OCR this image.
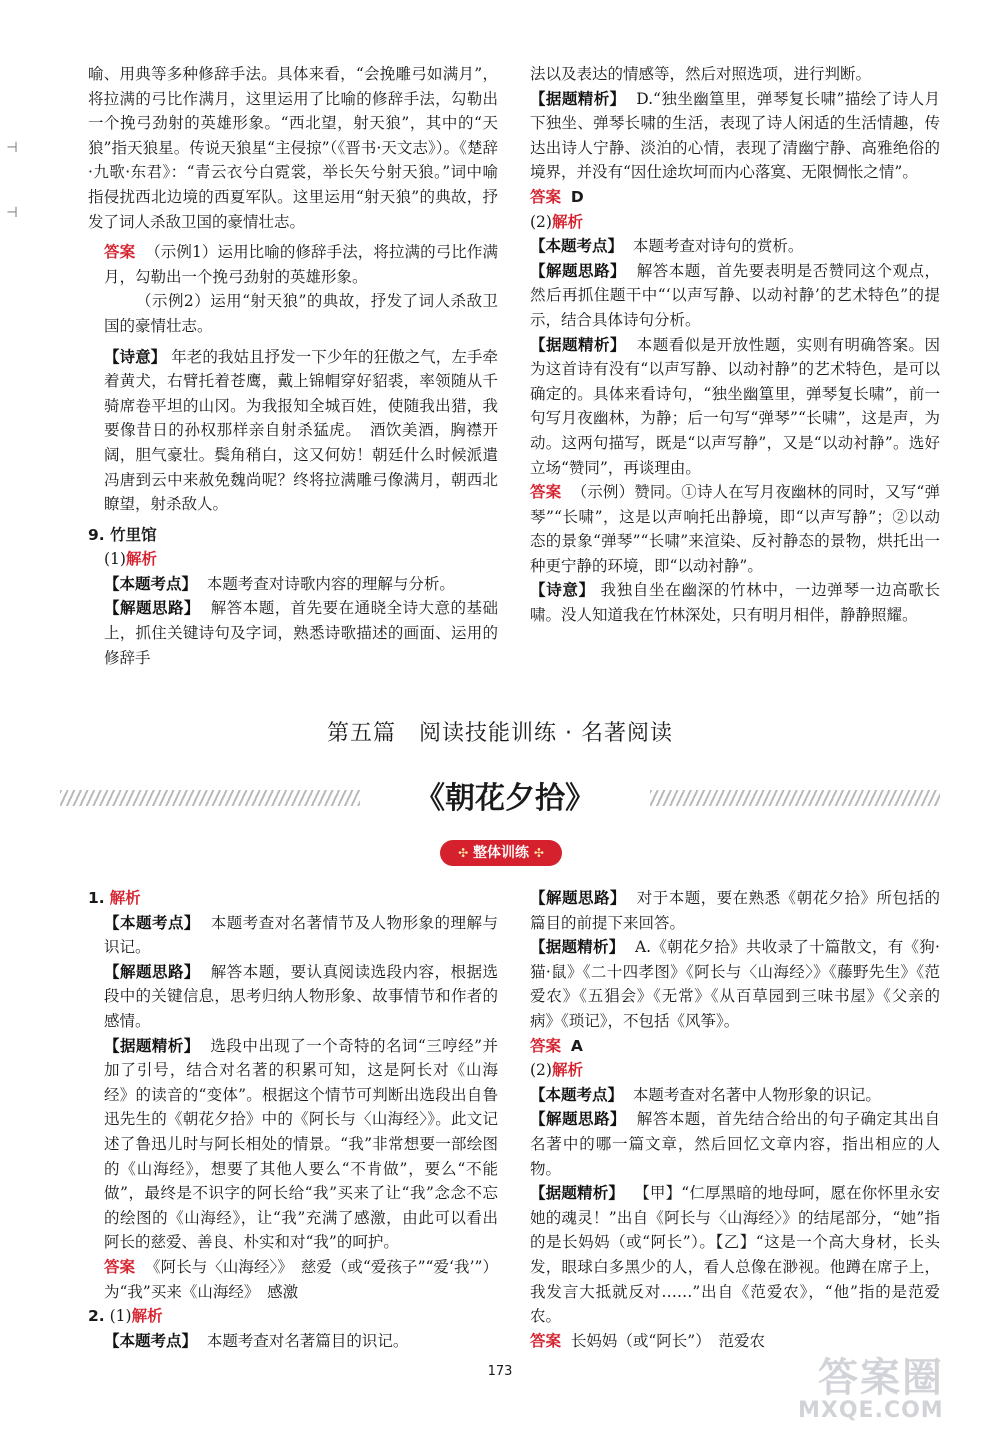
⊣
⊣

喻、用典等多种修辞手法。具体来看，“会挽雕弓如满月”，将拉满的弓比作满月，这里运用了比喻的修辞手法，勾勒出一个挽弓劲射的英雄形象。“西北望，射天狼”，其中的“天狼”指天狼星。传说天狼星“主侵掠”（《晋书·天文志》）。《楚辞·九歌·东君》：“青云衣兮白霓裳，举长矢兮射天狼。”词中喻指侵扰西北边境的西夏军队。这里运用“射天狼”的典故，抒发了词人杀敌卫国的豪情壮志。

答案 （示例1）运用比喻的修辞手法，将拉满的弓比作满月，勾勒出一个挽弓劲射的英雄形象。

（示例2）运用“射天狼”的典故，抒发了词人杀敌卫国的豪情壮志。

【诗意】 年老的我姑且抒发一下少年的狂傲之气，左手牵着黄犬，右臂托着苍鹰，戴上锦帽穿好貂裘，率领随从千骑席卷平坦的山冈。为我报知全城百姓，使随我出猎，我要像昔日的孙权那样亲自射杀猛虎。　酒饮美酒，胸襟开阔，胆气豪壮。鬓角稍白，这又何妨！朝廷什么时候派遣冯唐到云中来赦免魏尚呢？终将拉满雕弓像满月，朝西北瞭望，射杀敌人。

9. 竹里馆

(1)解析

【本题考点】 本题考查对诗歌内容的理解与分析。

【解题思路】 解答本题，首先要在通晓全诗大意的基础上，抓住关键诗句及字词，熟悉诗歌描述的画面、运用的修辞手

法以及表达的情感等，然后对照选项，进行判断。

【据题精析】 D.“独坐幽篁里，弹琴复长啸”描绘了诗人月下独坐、弹琴长啸的生活，表现了诗人闲适的生活情趣，传达出诗人宁静、淡泊的心情，表现了清幽宁静、高雅绝俗的境界，并没有“因仕途坎坷而内心落寞、无限惆怅之情”。

答案 D

(2)解析

【本题考点】 本题考查对诗句的赏析。

【解题思路】 解答本题，首先要表明是否赞同这个观点，然后再抓住题干中“‘以声写静、以动衬静’的艺术特色”的提示，结合具体诗句分析。

【据题精析】 本题看似是开放性题，实则有明确答案。因为这首诗有没有“以声写静、以动衬静”的艺术特色，是可以确定的。具体来看诗句，“独坐幽篁里，弹琴复长啸”，前一句写月夜幽林，为静；后一句写“弹琴”“长啸”，这是声，为动。这两句描写，既是“以声写静”，又是“以动衬静”。选好立场“赞同”，再谈理由。

答案 （示例）赞同。①诗人在写月夜幽林的同时，又写“弹琴”“长啸”，这是以声响托出静境，即“以声写静”；②以动态的景象“弹琴”“长啸”来渲染、反衬静态的景物，烘托出一种更宁静的环境，即“以动衬静”。

【诗意】 我独自坐在幽深的竹林中，一边弹琴一边高歌长啸。没人知道我在竹林深处，只有明月相伴，静静照耀。

第五篇　阅读技能训练 · 名著阅读
《朝花夕拾》
✣ 整体训练 ✣

1. 解析

【本题考点】 本题考查对名著情节及人物形象的理解与识记。

【解题思路】 解答本题，要认真阅读选段内容，根据选段中的关键信息，思考归纳人物形象、故事情节和作者的感情。

【据题精析】 选段中出现了一个奇特的名词“三哼经”并加了引号，结合对名著的积累可知，这是阿长对《山海经》的读音的“变体”。根据这个情节可判断出选段出自鲁迅先生的《朝花夕拾》中的《阿长与〈山海经〉》。此文记述了鲁迅儿时与阿长相处的情景。“我”非常想要一部绘图的《山海经》，想要了其他人要么“不肯做”，要么“不能做”，最终是不识字的阿长给“我”买来了让“我”念念不忘的绘图的《山海经》，让“我”充满了感激，由此可以看出阿长的慈爱、善良、朴实和对“我”的呵护。

答案 《阿长与〈山海经〉》　慈爱（或“爱孩子”“爱‘我’”）为“我”买来《山海经》　感激

2. (1)解析

【本题考点】 本题考查对名著篇目的识记。

【解题思路】 对于本题，要在熟悉《朝花夕拾》所包括的篇目的前提下来回答。

【据题精析】 A.《朝花夕拾》共收录了十篇散文，有《狗·猫·鼠》《二十四孝图》《阿长与〈山海经〉》《藤野先生》《范爱农》《五猖会》《无常》《从百草园到三味书屋》《父亲的病》《琐记》，不包括《风筝》。

答案 A

(2)解析

【本题考点】 本题考查对名著中人物形象的识记。

【解题思路】 解答本题，首先结合给出的句子确定其出自名著中的哪一篇文章，然后回忆文章内容，指出相应的人物。

【据题精析】 【甲】“仁厚黑暗的地母呵，愿在你怀里永安她的魂灵！”出自《阿长与〈山海经〉》的结尾部分，“她”指的是长妈妈（或“阿长”）。【乙】“这是一个高大身材，长头发，眼球白多黑少的人，看人总像在渺视。他蹲在席子上，我发言大抵就反对……”出自《范爱农》，“他”指的是范爱农。

答案 长妈妈（或“阿长”）　范爱农

173	答案圈
MXQE.COM
